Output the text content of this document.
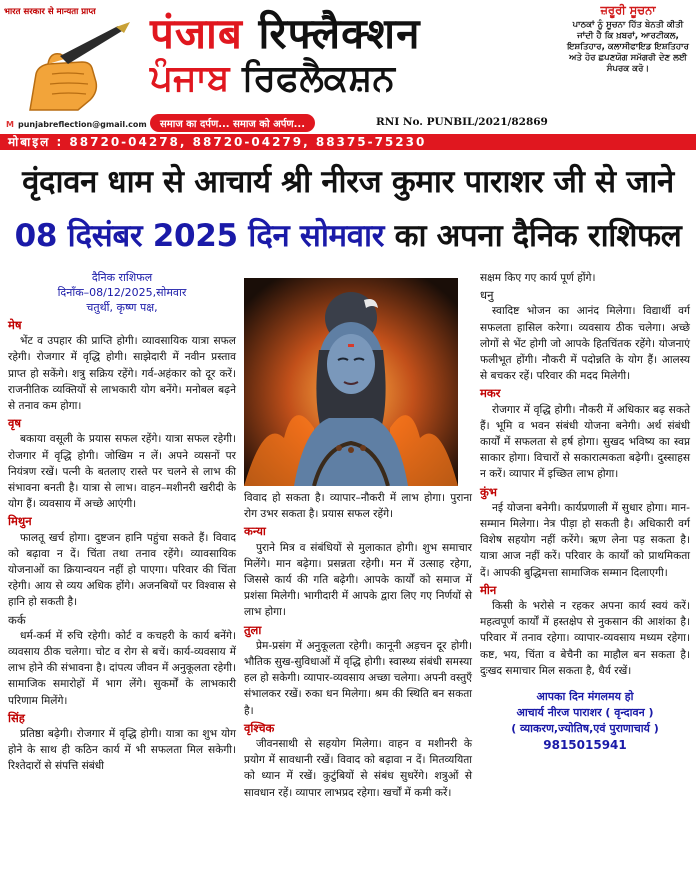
भारत सरकार से मान्यता प्राप्त	पंजाब रिफ्लैक्शन
ਪੰਜਾਬ ਰਿਫਲੈਕਸ਼ਨ
ਜ਼ਰੂਰੀ ਸੂਚਨਾ
ਪਾਠਕਾਂ ਨੂੰ ਸੂਚਨਾ ਹਿੱਤ ਬੇਨਤੀ ਕੀਤੀ ਜਾਂਦੀ ਹੈ ਕਿ ਖ਼ਬਰਾਂ, ਆਰਟੀਕਲ, ਇਸ਼ਤਿਹਾਰ, ਕਲਾਸੀਫਾਇਡ ਇਸ਼ਤਿਹਾਰ ਅਤੇ ਹੋਰ ਛਪਣਯੋਗ ਸਮੱਗਰੀ ਦੇਣ ਲਈ ਸੰਪਰਕ ਕਰੋ।
M punjabreflection@gmail.com	समाज का दर्पण... समाज को अर्पण...	RNI No. PUNBIL/2021/82869
मोबाइल : 88720-04278, 88720-04279, 88375-75230
वृंदावन धाम से आचार्य श्री नीरज कुमार पाराशर जी से जाने
08 दिसंबर 2025 दिन सोमवार का अपना दैनिक राशिफल
दैनिक राशिफल
दिनाँक–08/12/2025,सोमवार
चतुर्थी, कृष्ण पक्ष,
मेष
भेंट व उपहार की प्राप्ति होगी। व्यावसायिक यात्रा सफल रहेगी। रोजगार में वृद्धि होगी। साझेदारी में नवीन प्रस्ताव प्राप्त हो सकेंगे। शत्रु सक्रिय रहेंगे। गर्व-अहंकार को दूर करें। राजनीतिक व्यक्तियों से लाभकारी योग बनेंगे। मनोबल ब‌ढ़ने से तनाव कम होगा।
वृष
बकाया वसूली के प्रयास सफल रहेंगे। यात्रा सफल रहेगी। रोजगार में वृद्धि होगी। जोखिम न लें। अपने व्यसनों पर नियंत्रण रखें। पत्नी के बतलाए रास्ते पर चलने से लाभ की संभावना बनती है। यात्रा से लाभ। वाहन–मशीनरी खरीदी के योग हैं। व्यवसाय में अ‍च्छे आएंगी।
मिथुन
फालतू खर्च होगा। दुष्टजन हानि पहुंचा सकते हैं। विवाद को बढ़ावा न दें। चिंता तथा तनाव रहेंगे। व्यावसायिक योजनाओं का क्रियान्वयन नहीं हो पाएगा। परिवार की चिंता रहेगी। आय से व्यय अधिक होंगे। अजनबियों पर विश्वास से हानि हो सकती है।
कर्क
धर्म-कर्म में रुचि रहेगी। कोर्ट व कचहरी के कार्य बनेंगे। व्यवसाय ठीक चलेगा। चोट व रोग से बचें। कार्य-व्यवसाय में लाभ होने की संभावना है। दांपत्य जीवन में अनुकूलता रहेगी। सामाजिक समारोहों में भाग लेंगे। सुकर्मों के लाभकारी परिणाम मिलेंगे।
सिंह
प्रतिष्ठा बढ़ेगी। रोजगार में वृद्धि होगी। यात्रा का शुभ योग होने के साथ ही कठिन कार्य में भी सफलता मिल सकेगी। रिश्तेदारों से संपत्ति संबंधी
विवाद हो सकता है। व्यापार–नौकरी में लाभ होगा। पुराना रोग उभर सकता है। प्रयास सफल रहेंगे।
कन्या
पुराने मित्र व संबंधियों से मुलाकात होगी। शुभ समाचार मिलेंगे। मान ब‌ढ़ेगा। प्रसन्नता रहेगी। मन में उत्साह रहेगा, जिससे कार्य की गति ब‌ढ़ेगी। आपके कार्यों को समाज में प्रशंसा मिलेगी। भागीदारी में आपके द्वारा लिए गए निर्णयों से लाभ होगा।
तुला
प्रेम-प्रसंग में अनुकूलता रहेगी। कानूनी अड़चन दूर होगी। भौतिक सुख-सुविधाओं में वृद्धि होगी। स्वास्थ्य संबंधी समस्या हल हो सकेगी। व्यापार-व्यवसाय अच्छा चलेगा। अपनी वस्तुएँ संभालकर रखें। रुका धन मिलेगा। श्रम की स्थिति बन सकता है।
वृश्चिक
जीवनसाथी से सहयोग मिलेगा। वाहन व मशीनरी के प्रयोग में सावधानी रखें। विवाद को बढ़ावा न दें। मितव्ययिता को ध्यान में रखें। कुटुंबियों से संबंध सुधरेंगे। शत्रुओं से सावधान रहें। व्यापार लाभप्रद रहेगा। खर्चों में कमी करें।
सक्षम किए गए कार्य पूर्ण होंगे।
धनु
स्वादिष्ट भोजन का आनंद मिलेगा। विद्यार्थी वर्ग सफलता हासिल करेगा। व्यवसाय ठीक चलेगा। अच्छे लोगों से भेंट होगी जो आपके हितचिंतक रहेंगे। योजनाएं फलीभूत होंगी। नौकरी में पदोन्नति के योग हैं। आलस्य से बचकर रहें। परिवार की मदद मिलेगी।
मकर
रोजगार में वृद्धि होगी। नौकरी में अधिकार बढ़ सकते हैं। भूमि व भवन संबंधी योजना बनेगी। अर्थ संबंधी कार्यों में सफलता से हर्ष होगा। सुखद भविष्य का स्वप्न साकार होगा। विचारों से सकारात्मकता ब‌ढ़ेगी। दुस्साहस न करें। व्यापार में इच्छित लाभ होगा।
कुंभ
नई योजना बनेगी। कार्यप्रणाली में सुधार होगा। मान-सम्मान मिलेगा। नेत्र पीड़ा हो सकती है। अधिकारी वर्ग विशेष सहयोग नहीं करेंगे। ऋण लेना प‌ड़ सकता है। यात्रा आज नहीं करें। परिवार के कार्यों को प्राथमिकता दें। आपकी बुद्धिमत्ता सामाजिक सम्मान दिलाएगी।
मीन
किसी के भरोसे न रहकर अपना कार्य स्वयं करें। महत्वपूर्ण कार्यों में हस्तक्षेप से नुकसान की आशंका है। परिवार में तनाव रहेगा। व्यापार-व्यवसाय मध्यम रहेगा। कष्ट, भय, चिंता व बेचैनी का माहौल बन सकता है। दुःखद समाचार मिल सकता है, धैर्य रखें।
आपका दिन मंगलमय हो
आचार्य नीरज पाराशर ( वृन्दावन )
( व्याकरण,ज्योतिष,एवं पुराणाचार्य )
9815015941
